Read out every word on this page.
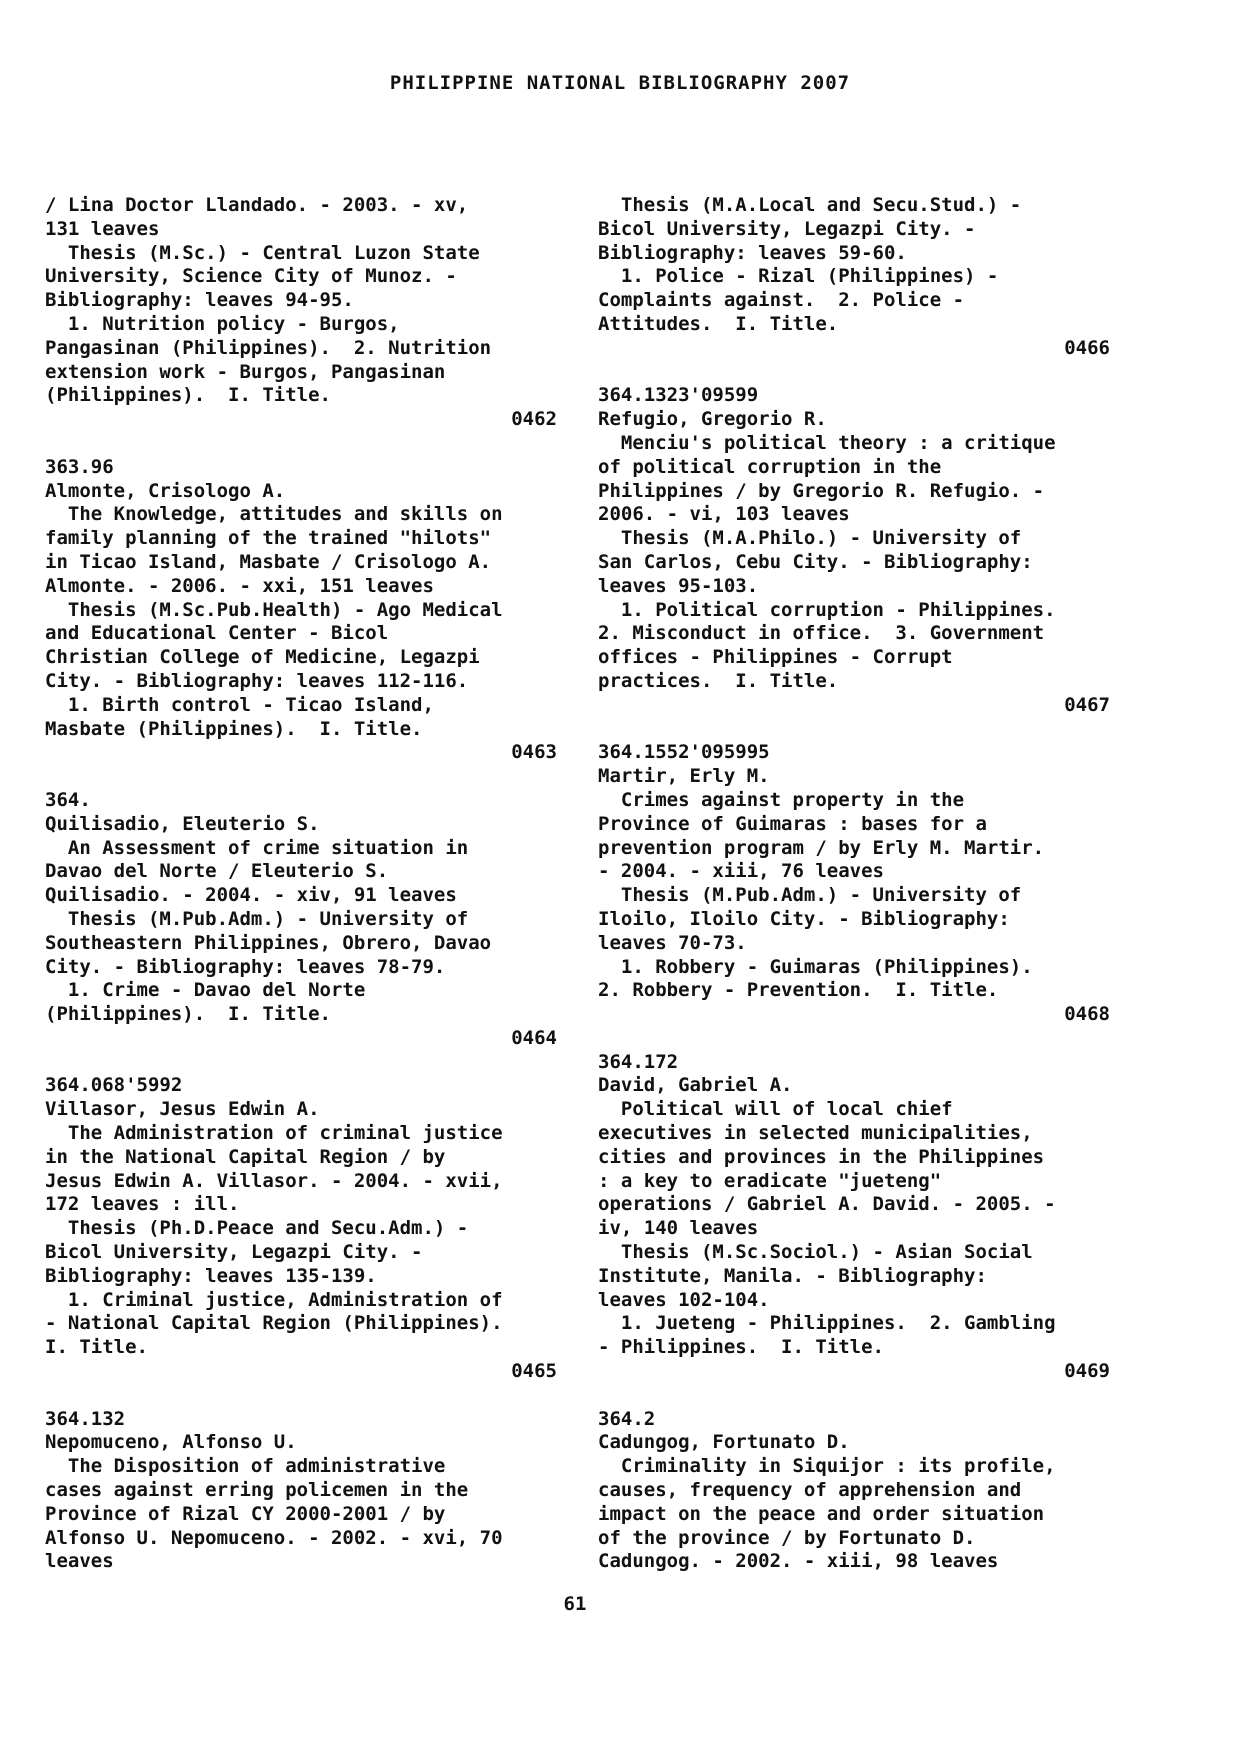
PHILIPPINE NATIONAL BIBLIOGRAPHY 2007
/ Lina Doctor Llandado. - 2003. - xv,
131 leaves
Thesis (M.Sc.) - Central Luzon State
University, Science City of Munoz. -
Bibliography: leaves 94-95.
1. Nutrition policy - Burgos,
Pangasinan (Philippines).  2. Nutrition
extension work - Burgos, Pangasinan
(Philippines).  I. Title.
0462
363.96
Almonte, Crisologo A.
The Knowledge, attitudes and skills on
family planning of the trained "hilots"
in Ticao Island, Masbate / Crisologo A.
Almonte. - 2006. - xxi, 151 leaves
Thesis (M.Sc.Pub.Health) - Ago Medical
and Educational Center - Bicol
Christian College of Medicine, Legazpi
City. - Bibliography: leaves 112-116.
1. Birth control - Ticao Island,
Masbate (Philippines).  I. Title.
0463
364.
Quilisadio, Eleuterio S.
An Assessment of crime situation in
Davao del Norte / Eleuterio S.
Quilisadio. - 2004. - xiv, 91 leaves
Thesis (M.Pub.Adm.) - University of
Southeastern Philippines, Obrero, Davao
City. - Bibliography: leaves 78-79.
1. Crime - Davao del Norte
(Philippines).  I. Title.
0464
364.068'5992
Villasor, Jesus Edwin A.
The Administration of criminal justice
in the National Capital Region / by
Jesus Edwin A. Villasor. - 2004. - xvii,
172 leaves : ill.
Thesis (Ph.D.Peace and Secu.Adm.) -
Bicol University, Legazpi City. -
Bibliography: leaves 135-139.
1. Criminal justice, Administration of
- National Capital Region (Philippines).
I. Title.
0465
364.132
Nepomuceno, Alfonso U.
The Disposition of administrative
cases against erring policemen in the
Province of Rizal CY 2000-2001 / by
Alfonso U. Nepomuceno. - 2002. - xvi, 70
leaves
Thesis (M.A.Local and Secu.Stud.) -
Bicol University, Legazpi City. -
Bibliography: leaves 59-60.
1. Police - Rizal (Philippines) -
Complaints against.  2. Police -
Attitudes.  I. Title.
0466
364.1323'09599
Refugio, Gregorio R.
Menciu's political theory : a critique
of political corruption in the
Philippines / by Gregorio R. Refugio. -
2006. - vi, 103 leaves
Thesis (M.A.Philo.) - University of
San Carlos, Cebu City. - Bibliography:
leaves 95-103.
1. Political corruption - Philippines.
2. Misconduct in office.  3. Government
offices - Philippines - Corrupt
practices.  I. Title.
0467
364.1552'095995
Martir, Erly M.
Crimes against property in the
Province of Guimaras : bases for a
prevention program / by Erly M. Martir.
- 2004. - xiii, 76 leaves
Thesis (M.Pub.Adm.) - University of
Iloilo, Iloilo City. - Bibliography:
leaves 70-73.
1. Robbery - Guimaras (Philippines).
2. Robbery - Prevention.  I. Title.
0468
364.172
David, Gabriel A.
Political will of local chief
executives in selected municipalities,
cities and provinces in the Philippines
: a key to eradicate "jueteng"
operations / Gabriel A. David. - 2005. -
iv, 140 leaves
Thesis (M.Sc.Sociol.) - Asian Social
Institute, Manila. - Bibliography:
leaves 102-104.
1. Jueteng - Philippines.  2. Gambling
- Philippines.  I. Title.
0469
364.2
Cadungog, Fortunato D.
Criminality in Siquijor : its profile,
causes, frequency of apprehension and
impact on the peace and order situation
of the province / by Fortunato D.
Cadungog. - 2002. - xiii, 98 leaves
61
